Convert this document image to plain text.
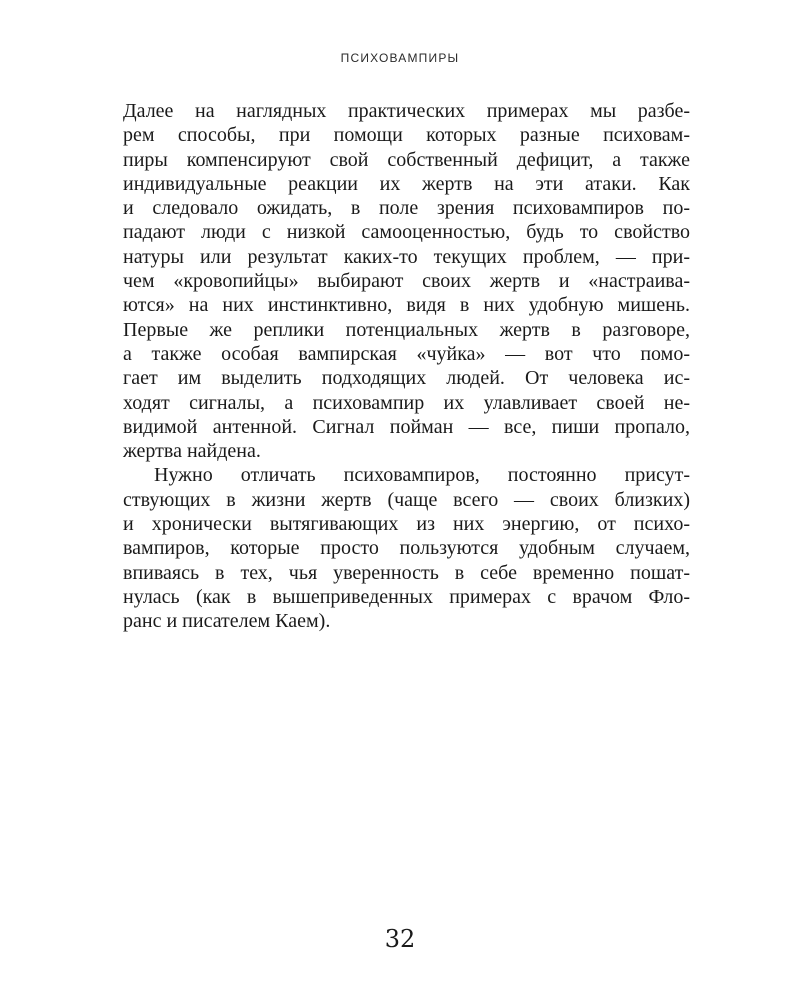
ПСИХОВАМПИРЫ
Далее на наглядных практических примерах мы разбе-
рем способы, при помощи которых разные психовам-
пиры компенсируют свой собственный дефицит, а также
индивидуальные реакции их жертв на эти атаки. Как
и следовало ожидать, в поле зрения психовампиров по-
падают люди с низкой самооценностью, будь то свойство
натуры или результат каких-то текущих проблем, — при-
чем «кровопийцы» выбирают своих жертв и «настраива-
ются» на них инстинктивно, видя в них удобную мишень.
Первые же реплики потенциальных жертв в разговоре,
а также особая вампирская «чуйка» — вот что помо-
гает им выделить подходящих людей. От человека ис-
ходят сигналы, а психовампир их улавливает своей не-
видимой антенной. Сигнал пойман — все, пиши пропало,
жертва найдена.
Нужно отличать психовампиров, постоянно присут-
ствующих в жизни жертв (чаще всего — своих близких)
и хронически вытягивающих из них энергию, от психо-
вампиров, которые просто пользуются удобным случаем,
впиваясь в тех, чья уверенность в себе временно пошат-
нулась (как в вышеприведенных примерах с врачом Фло-
ранс и писателем Каем).
32
